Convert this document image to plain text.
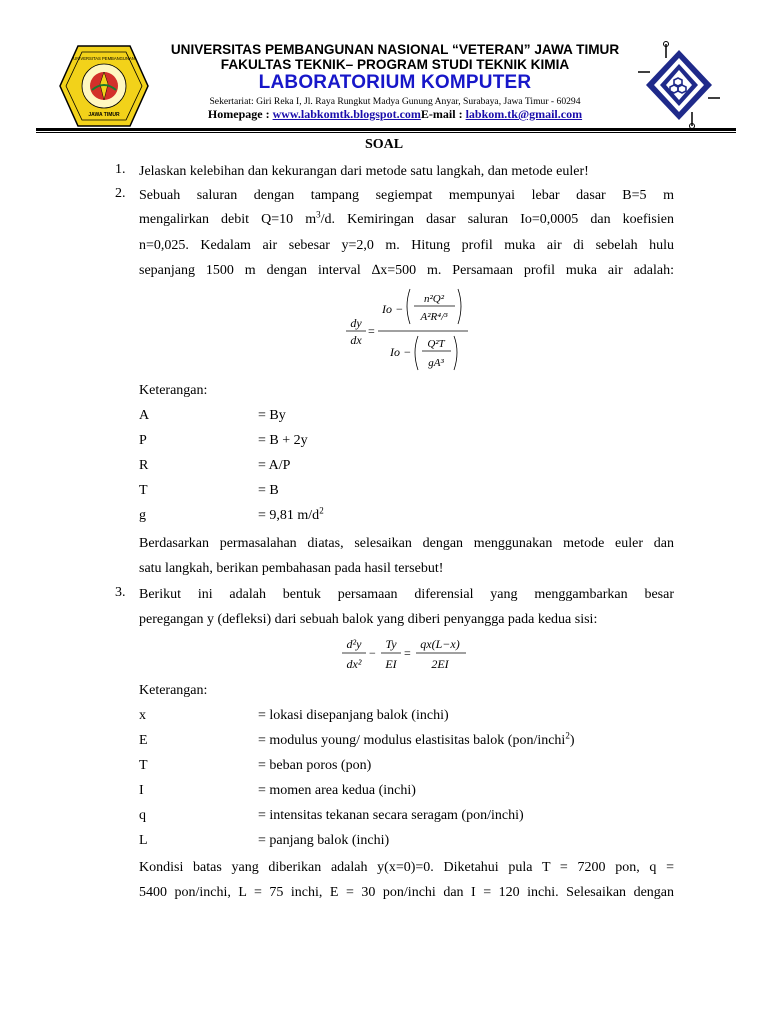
JAWA TIMUR
UNIVERSITAS PEMBANGUNAN
UNIVERSITAS PEMBANGUNAN NASIONAL “VETERAN” JAWA TIMUR
FAKULTAS TEKNIK– PROGRAM STUDI TEKNIK KIMIA
LABORATORIUM KOMPUTER
Sekertariat: Giri Reka I, Jl. Raya Rungkut Madya Gunung Anyar, Surabaya, Jawa Timur - 60294
Homepage : www.labkomtk.blogspot.comE-mail : labkom.tk@gmail.com
SOAL
1. Jelaskan kelebihan dan kekurangan dari metode satu langkah, dan metode euler!
2. Sebuah saluran dengan tampang segiempat mempunyai lebar dasar B=5 m
mengalirkan debit Q=10 $m^3/d$. Kemiringan dasar saluran Io=0,0005 dan koefisien
n=0,025. Kedalam air sebesar y=2,0 m. Hitung profil muka air di sebelah hulu
sepanjang 1500 m dengan interval ∆x=500 m. Persamaan profil muka air adalah:
dy
dx
=
Io −
n²Q²
A²R⁴/³
Io −
Q²T
gA³
Keterangan:
A	= By
P	= B + 2y
R	= A/P
T	= B
g	= 9,81 $m/d^2$
Berdasarkan permasalahan diatas, selesaikan dengan menggunakan metode euler dan
satu langkah, berikan pembahasan pada hasil tersebut!
3. Berikut ini adalah bentuk persamaan diferensial yang menggambarkan besar
peregangan y (defleksi) dari sebuah balok yang diberi penyangga pada kedua sisi:
d²y
dx²
−
Ty
EI
=
qx(L−x)
2EI
Keterangan:
x	= lokasi disepanjang balok (inchi)
E	= modulus young/ modulus elastisitas balok (pon/inchi$^2$)
T	= beban poros (pon)
I	= momen area kedua (inchi)
q	= intensitas tekanan secara seragam (pon/inchi)
L	= panjang balok (inchi)
Kondisi batas yang diberikan adalah y(x=0)=0. Diketahui pula T = 7200 pon, q =
5400 pon/inchi, L = 75 inchi, E = 30 pon/inchi dan I = 120 inchi. Selesaikan dengan
